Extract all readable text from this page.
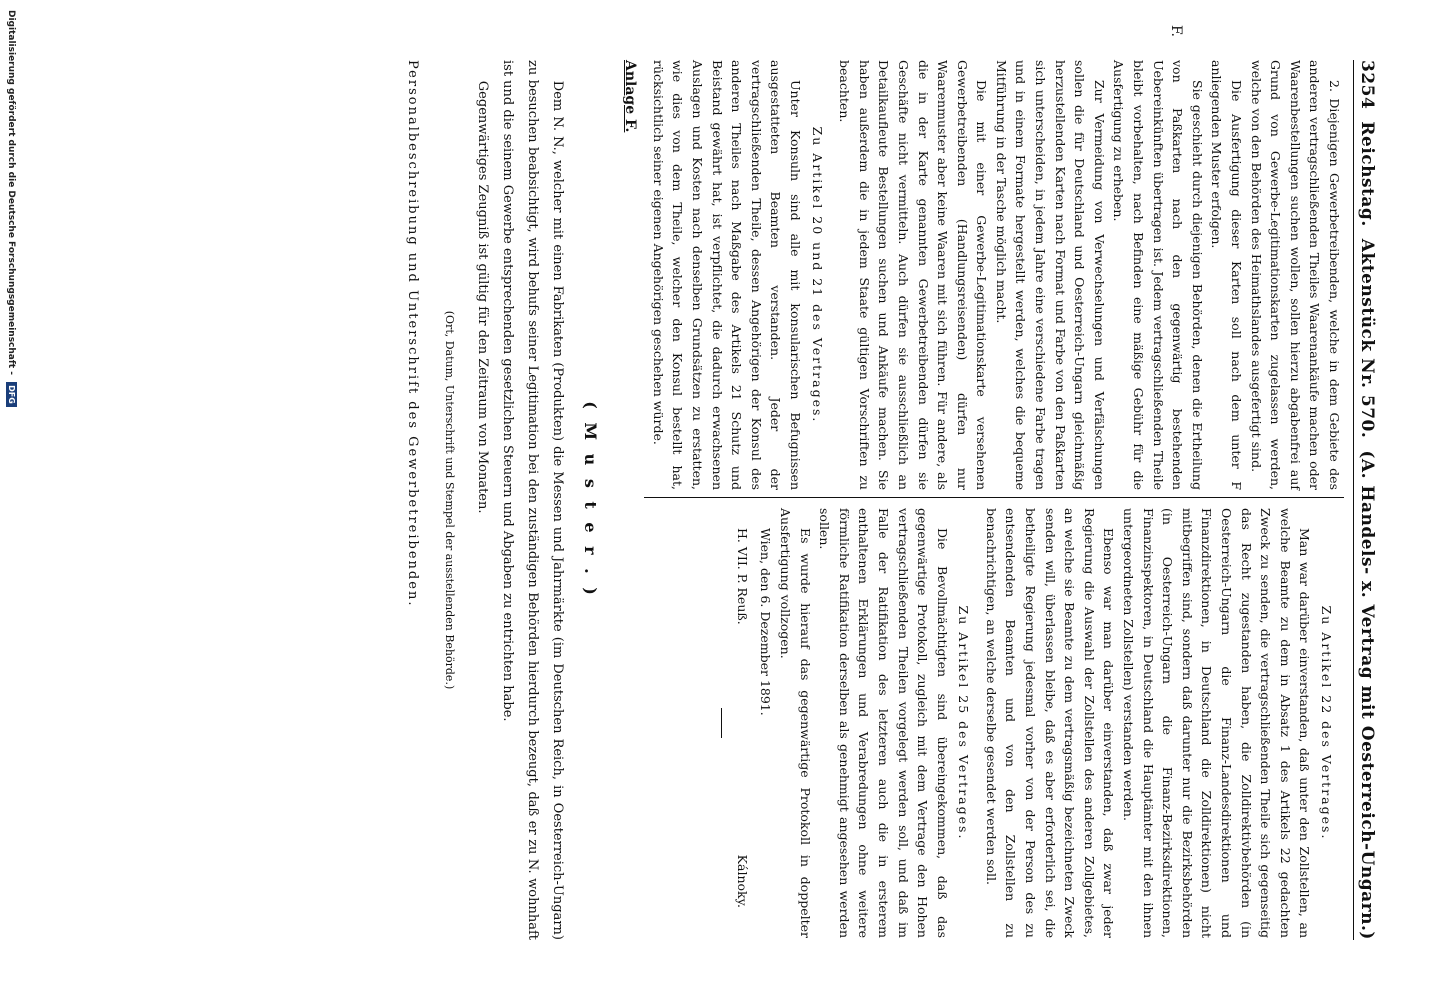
3254
Reichstag.
Aktenstück Nr. 570.
(A. Handels- x. Vertrag mit Oesterreich-Ungarn.)
F.

2. Diejenigen Gewerbetreibenden, welche in dem Gebiete des anderen vertragschließenden Theiles Waarenankäufe machen oder Waarenbestellungen suchen wollen, sollen hierzu abgabenfrei auf Grund von Gewerbe-Legitimationskarten zugelassen werden, welche von den Behörden des Heimathslandes ausgefertigt sind.

Die Ausfertigung dieser Karten soll nach dem unter F anliegenden Muster erfolgen.

Sie geschieht durch diejenigen Behörden, denen die Ertheilung von Paßkarten nach den gegenwärtig bestehenden Uebereinkünften übertragen ist. Jedem vertragschließenden Theile bleibt vorbehalten, nach Befinden eine mäßige Gebühr für die Ausfertigung zu erheben.

Zur Vermeidung von Verwechselungen und Verfälschungen sollen die für Deutschland und Oesterreich-Ungarn gleichmäßig herzustellenden Karten nach Format und Farbe von den Paßkarten sich unterscheiden, in jedem Jahre eine verschiedene Farbe tragen und in einem Formate hergestellt werden, welches die bequeme Mitführung in der Tasche möglich macht.

Die mit einer Gewerbe-Legitimationskarte versehenen Gewerbetreibenden (Handlungsreisenden) dürfen nur Waarenmuster aber keine Waaren mit sich führen. Für andere, als die in der Karte genannten Gewerbetreibenden dürfen sie Geschäfte nicht vermitteln. Auch dürfen sie ausschließlich an Detailkaufleute Bestellungen suchen und Ankäufe machen. Sie haben außerdem die in jedem Staate gültigen Vorschriften zu beachten.

Zu Artikel 20 und 21 des Vertrages.

Unter Konsuln sind alle mit konsularischen Befugnissen ausgestatteten Beamten verstanden. Jeder der vertragschließenden Theile, dessen Angehörigen der Konsul des anderen Theiles nach Maßgabe des Artikels 21 Schutz und Beistand gewährt hat, ist verpflichtet, die dadurch erwachsenen Auslagen und Kosten nach denselben Grundsätzen zu erstatten, wie dies von dem Theile, welcher den Konsul bestellt hat, rücksichtlich seiner eigenen Angehörigen geschehen würde.

Zu Artikel 22 des Vertrages.

Man war darüber einverstanden, daß unter den Zollstellen, an welche Beamte zu dem in Absatz 1 des Artikels 22 gedachten Zweck zu senden, die vertragschließenden Theile sich gegenseitig das Recht zugestanden haben, die Zolldirektivbehörden (in Oesterreich-Ungarn die Finanz-Landesdirektionen und Finanzdirektionen, in Deutschland die Zolldirektionen) nicht mitbegriffen sind, sondern daß darunter nur die Bezirksbehörden (in Oesterreich-Ungarn die Finanz-Bezirksdirektionen, Finanzinspektoren, in Deutschland die Hauptämter mit den ihnen untergeordneten Zollstellen) verstanden werden.

Ebenso war man darüber einverstanden, daß zwar jeder Regierung die Auswahl der Zollstellen des anderen Zollgebietes, an welche sie Beamte zu dem vertragsmäßig bezeichneten Zweck senden will, überlassen bleibe, daß es aber erforderlich sei, die betheiligte Regierung jedesmal vorher von der Person des zu entsendenden Beamten und von den Zollstellen zu benachrichtigen, an welche derselbe gesendet werden soll.

Zu Artikel 25 des Vertrages.

Die Bevollmächtigten sind übereingekommen, daß das gegenwärtige Protokoll, zugleich mit dem Vertrage den Hohen vertragschließenden Theilen vorgelegt werden soll, und daß im Falle der Ratifikation des letzteren auch die in ersterem enthaltenen Erklärungen und Verabredungen ohne weitere förmliche Ratifikation derselben als genehmigt angesehen werden sollen.

Es wurde hierauf das gegenwärtige Protokoll in doppelter Ausfertigung vollzogen.

Wien, den 6. Dezember 1891.

H. VII. P. Reuß.
Kálnoky.
Anlage F.
( M u s t e r . )

Dem N. N., welcher mit einen Fabrikaten (Produkten) die Messen und Jahrmärkte (im Deutschen Reich, in Oesterreich-Ungarn) zu besuchen beabsichtigt, wird behufs seiner Legitimation bei den zuständigen Behörden hierdurch bezeugt, daß er zu N. wohnhaft ist und die seinem Gewerbe entsprechenden gesetzlichen Steuern und Abgaben zu entrichten habe.

Gegenwärtiges Zeugniß ist gültig für den Zeitraum von Monaten.

(Ort, Datum, Unterschrift und Stempel der ausstellenden Behörde.)

Personalbeschreibung und Unterschrift des Gewerbetreibenden.

Digitalisierung gefördert durch die Deutsche Forschungsgemeinschaft - DFG
